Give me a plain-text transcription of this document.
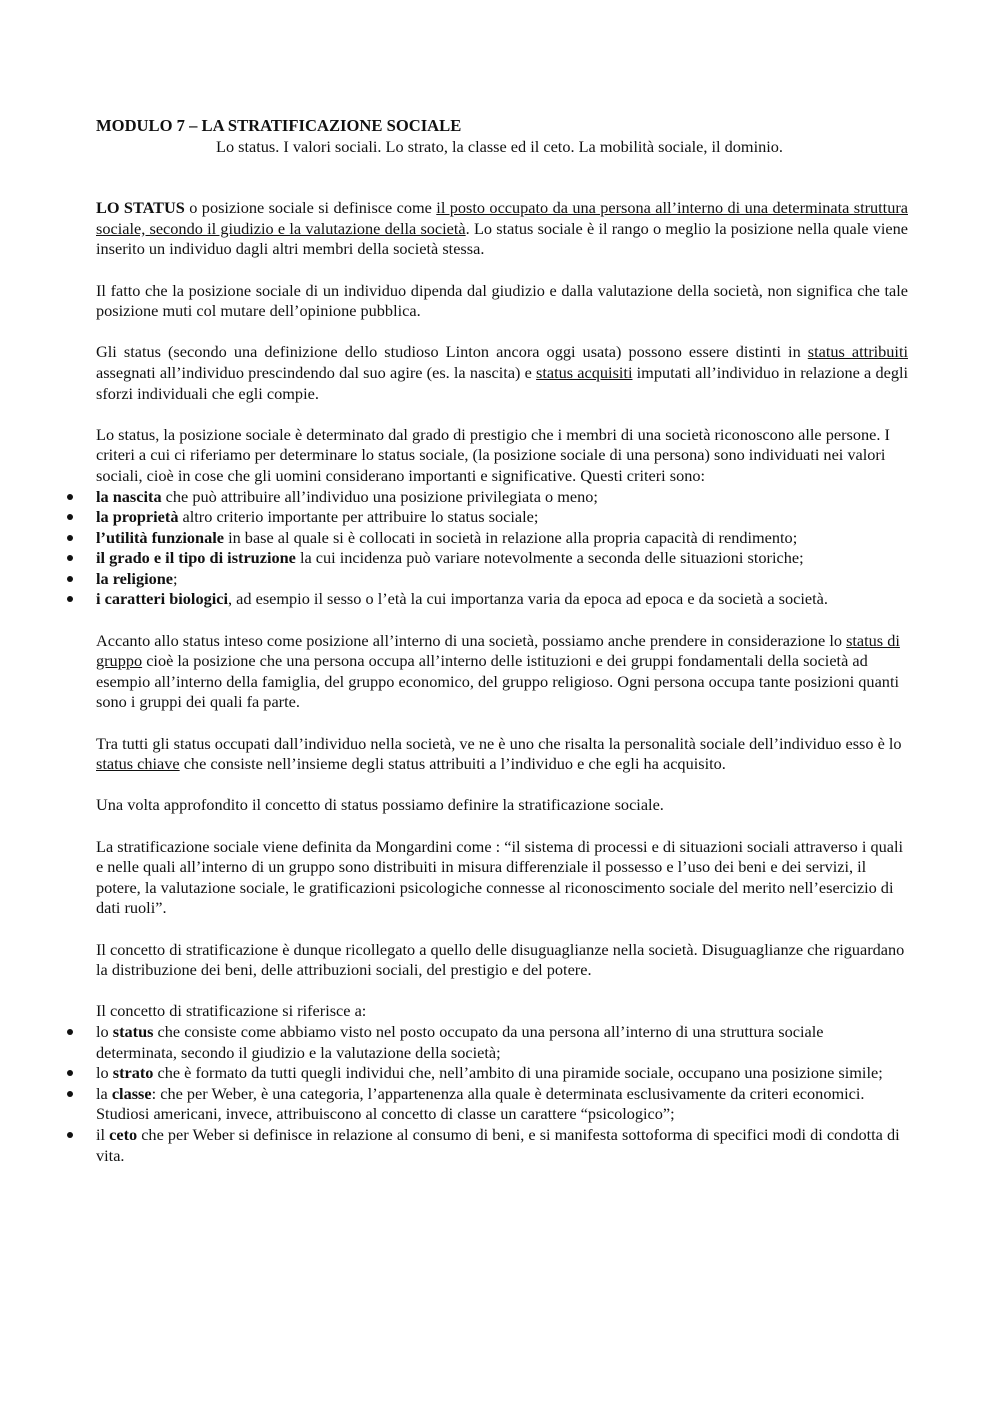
MODULO 7 – LA STRATIFICAZIONE SOCIALE

Lo status. I valori sociali. Lo strato, la classe ed il ceto. La mobilità sociale, il dominio.

LO STATUS o posizione sociale si definisce come il posto occupato da una persona all’interno di una determinata struttura sociale, secondo il giudizio e la valutazione della società. Lo status sociale è il rango o meglio la posizione nella quale viene inserito un individuo dagli altri membri della società stessa.

Il fatto che la posizione sociale di un individuo dipenda dal giudizio e dalla valutazione della società, non significa che tale posizione muti col mutare dell’opinione pubblica.

Gli status (secondo una definizione dello studioso Linton ancora oggi usata) possono essere distinti in status attribuiti assegnati all’individuo prescindendo dal suo agire (es. la nascita) e status acquisiti imputati all’individuo in relazione a degli sforzi individuali che egli compie.

Lo status, la posizione sociale è determinato dal grado di prestigio che i membri di una società riconoscono alle persone. I criteri a cui ci riferiamo per determinare lo status sociale, (la posizione sociale di una persona) sono individuati nei valori sociali, cioè in cose che gli uomini considerano importanti e significative. Questi criteri sono:

la nascita che può attribuire all’individuo una posizione privilegiata o meno;
la proprietà altro criterio importante per attribuire lo status sociale;
l’utilità funzionale in base al quale si è collocati in società in relazione alla propria capacità di rendimento;
il grado e il tipo di istruzione la cui incidenza può variare notevolmente a seconda delle situazioni storiche;
la religione;
i caratteri biologici, ad esempio il sesso o l’età la cui importanza varia da epoca ad epoca e da società a società.

Accanto allo status inteso come posizione all’interno di una società, possiamo anche prendere in considerazione lo status di gruppo cioè la posizione che una persona occupa all’interno delle istituzioni e dei gruppi fondamentali della società ad esempio all’interno della famiglia, del gruppo economico, del gruppo religioso. Ogni persona occupa tante posizioni quanti sono i gruppi dei quali fa parte.

Tra tutti gli status occupati dall’individuo nella società, ve ne è uno che risalta la personalità sociale dell’individuo esso è lo status chiave che consiste nell’insieme degli status attribuiti a l’individuo e che egli ha acquisito.

Una volta approfondito il concetto di status possiamo definire la stratificazione sociale.

La stratificazione sociale viene definita da Mongardini come : “il sistema di processi e di situazioni sociali attraverso i quali e nelle quali all’interno di un gruppo sono distribuiti in misura differenziale il possesso e l’uso dei beni e dei servizi, il potere, la valutazione sociale, le gratificazioni psicologiche connesse al riconoscimento sociale del merito nell’esercizio di dati ruoli”.

Il concetto di stratificazione è dunque ricollegato a quello delle disuguaglianze nella società. Disuguaglianze che riguardano la distribuzione dei beni, delle attribuzioni sociali, del prestigio e del potere.

Il concetto di stratificazione si riferisce a:

lo status che consiste come abbiamo visto nel posto occupato da una persona all’interno di una struttura sociale determinata, secondo il giudizio e la valutazione della società;
lo strato che è formato da tutti quegli individui che, nell’ambito di una piramide sociale, occupano una posizione simile;
la classe: che per Weber, è una categoria, l’appartenenza alla quale è determinata esclusivamente da criteri economici. Studiosi americani, invece, attribuiscono al concetto di classe un carattere “psicologico”;
il ceto che per Weber si definisce in relazione al consumo di beni, e si manifesta sottoforma di specifici modi di condotta di vita.
